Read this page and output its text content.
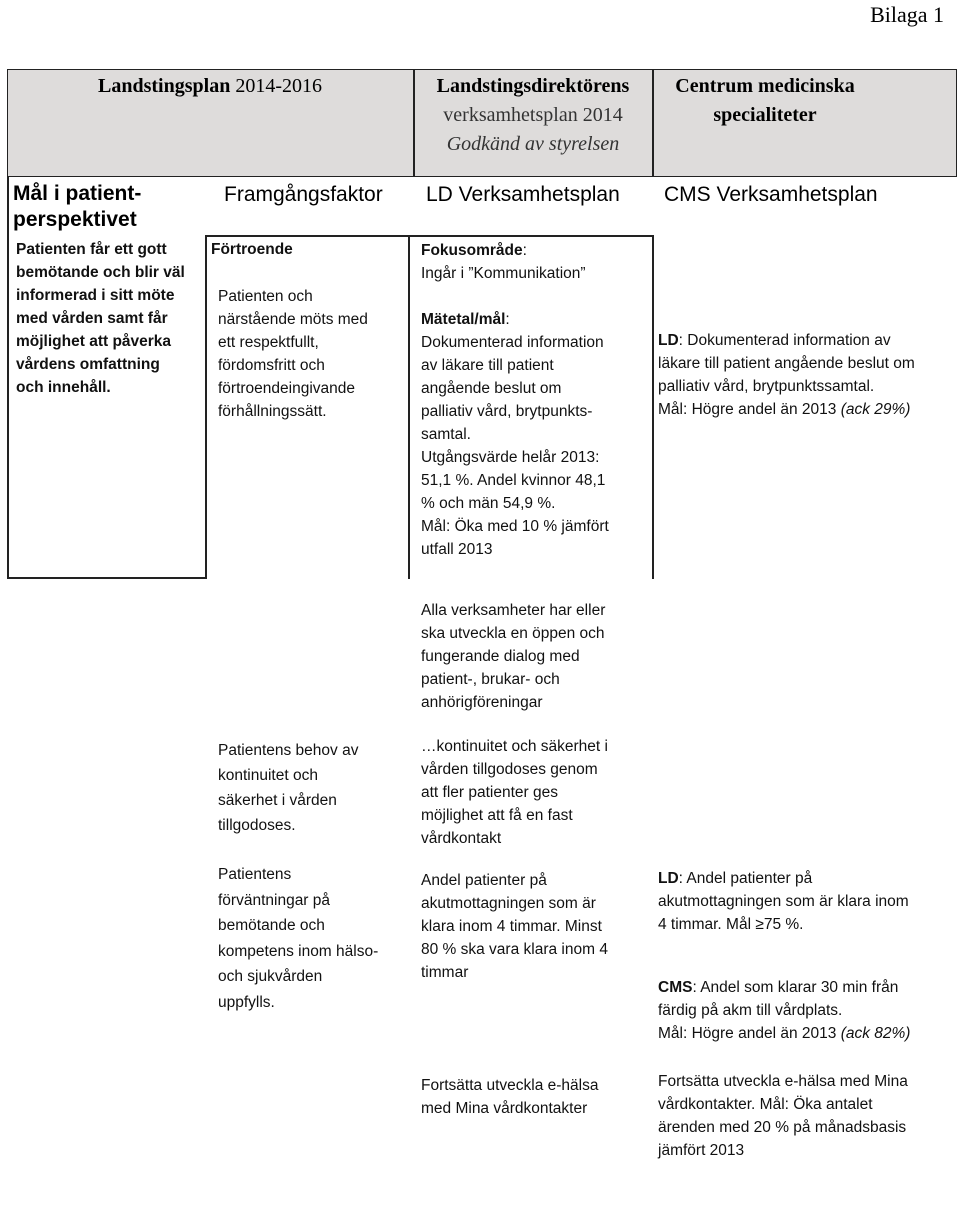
Bilaga 1
Landstingsplan 2014-2016	Landstingsdirektörens
verksamhetsplan 2014
Godkänd av styrelsen
Centrum medicinska
specialiteter
Mål i patient-
perspektivet
Framgångsfaktor LD Verksamhetsplan CMS Verksamhetsplan

Patienten får ett gott

bemötande och blir väl

informerad i sitt möte

med vården samt får

möjlighet att påverka

vårdens omfattning

och innehåll.

Förtroende

Patienten och

närstående möts med

ett respektfullt,

fördomsfritt och

förtroendeingivande

förhållningssätt.

Fokusområde:

Ingår i ”Kommunikation”

Mätetal/mål:

Dokumenterad information

av läkare till patient

angående beslut om

palliativ vård, brytpunkts-

samtal.

Utgångsvärde helår 2013:

51,1 %. Andel kvinnor 48,1

% och män 54,9 %.

Mål: Öka med 10 % jämfört

utfall 2013

LD: Dokumenterad information av

läkare till patient angående beslut om

palliativ vård, brytpunktssamtal.

Mål: Högre andel än 2013 (ack 29%)

Alla verksamheter har eller

ska utveckla en öppen och

fungerande dialog med

patient-, brukar- och

anhörigföreningar

Patientens behov av

kontinuitet och

säkerhet i vården

tillgodoses.

…kontinuitet och säkerhet i

vården tillgodoses genom

att fler patienter ges

möjlighet att få en fast

vårdkontakt

Patientens

förväntningar på

bemötande och

kompetens inom hälso-

och sjukvården

uppfylls.

Andel patienter på

akutmottagningen som är

klara inom 4 timmar. Minst

80 % ska vara klara inom 4

timmar

LD: Andel patienter på

akutmottagningen som är klara inom

4 timmar. Mål ≥75 %.

CMS: Andel som klarar 30 min från

färdig på akm till vårdplats.

Mål: Högre andel än 2013 (ack 82%)

Fortsätta utveckla e-hälsa

med Mina vårdkontakter

Fortsätta utveckla e-hälsa med Mina

vårdkontakter. Mål: Öka antalet

ärenden med 20 % på månadsbasis

jämfört 2013
